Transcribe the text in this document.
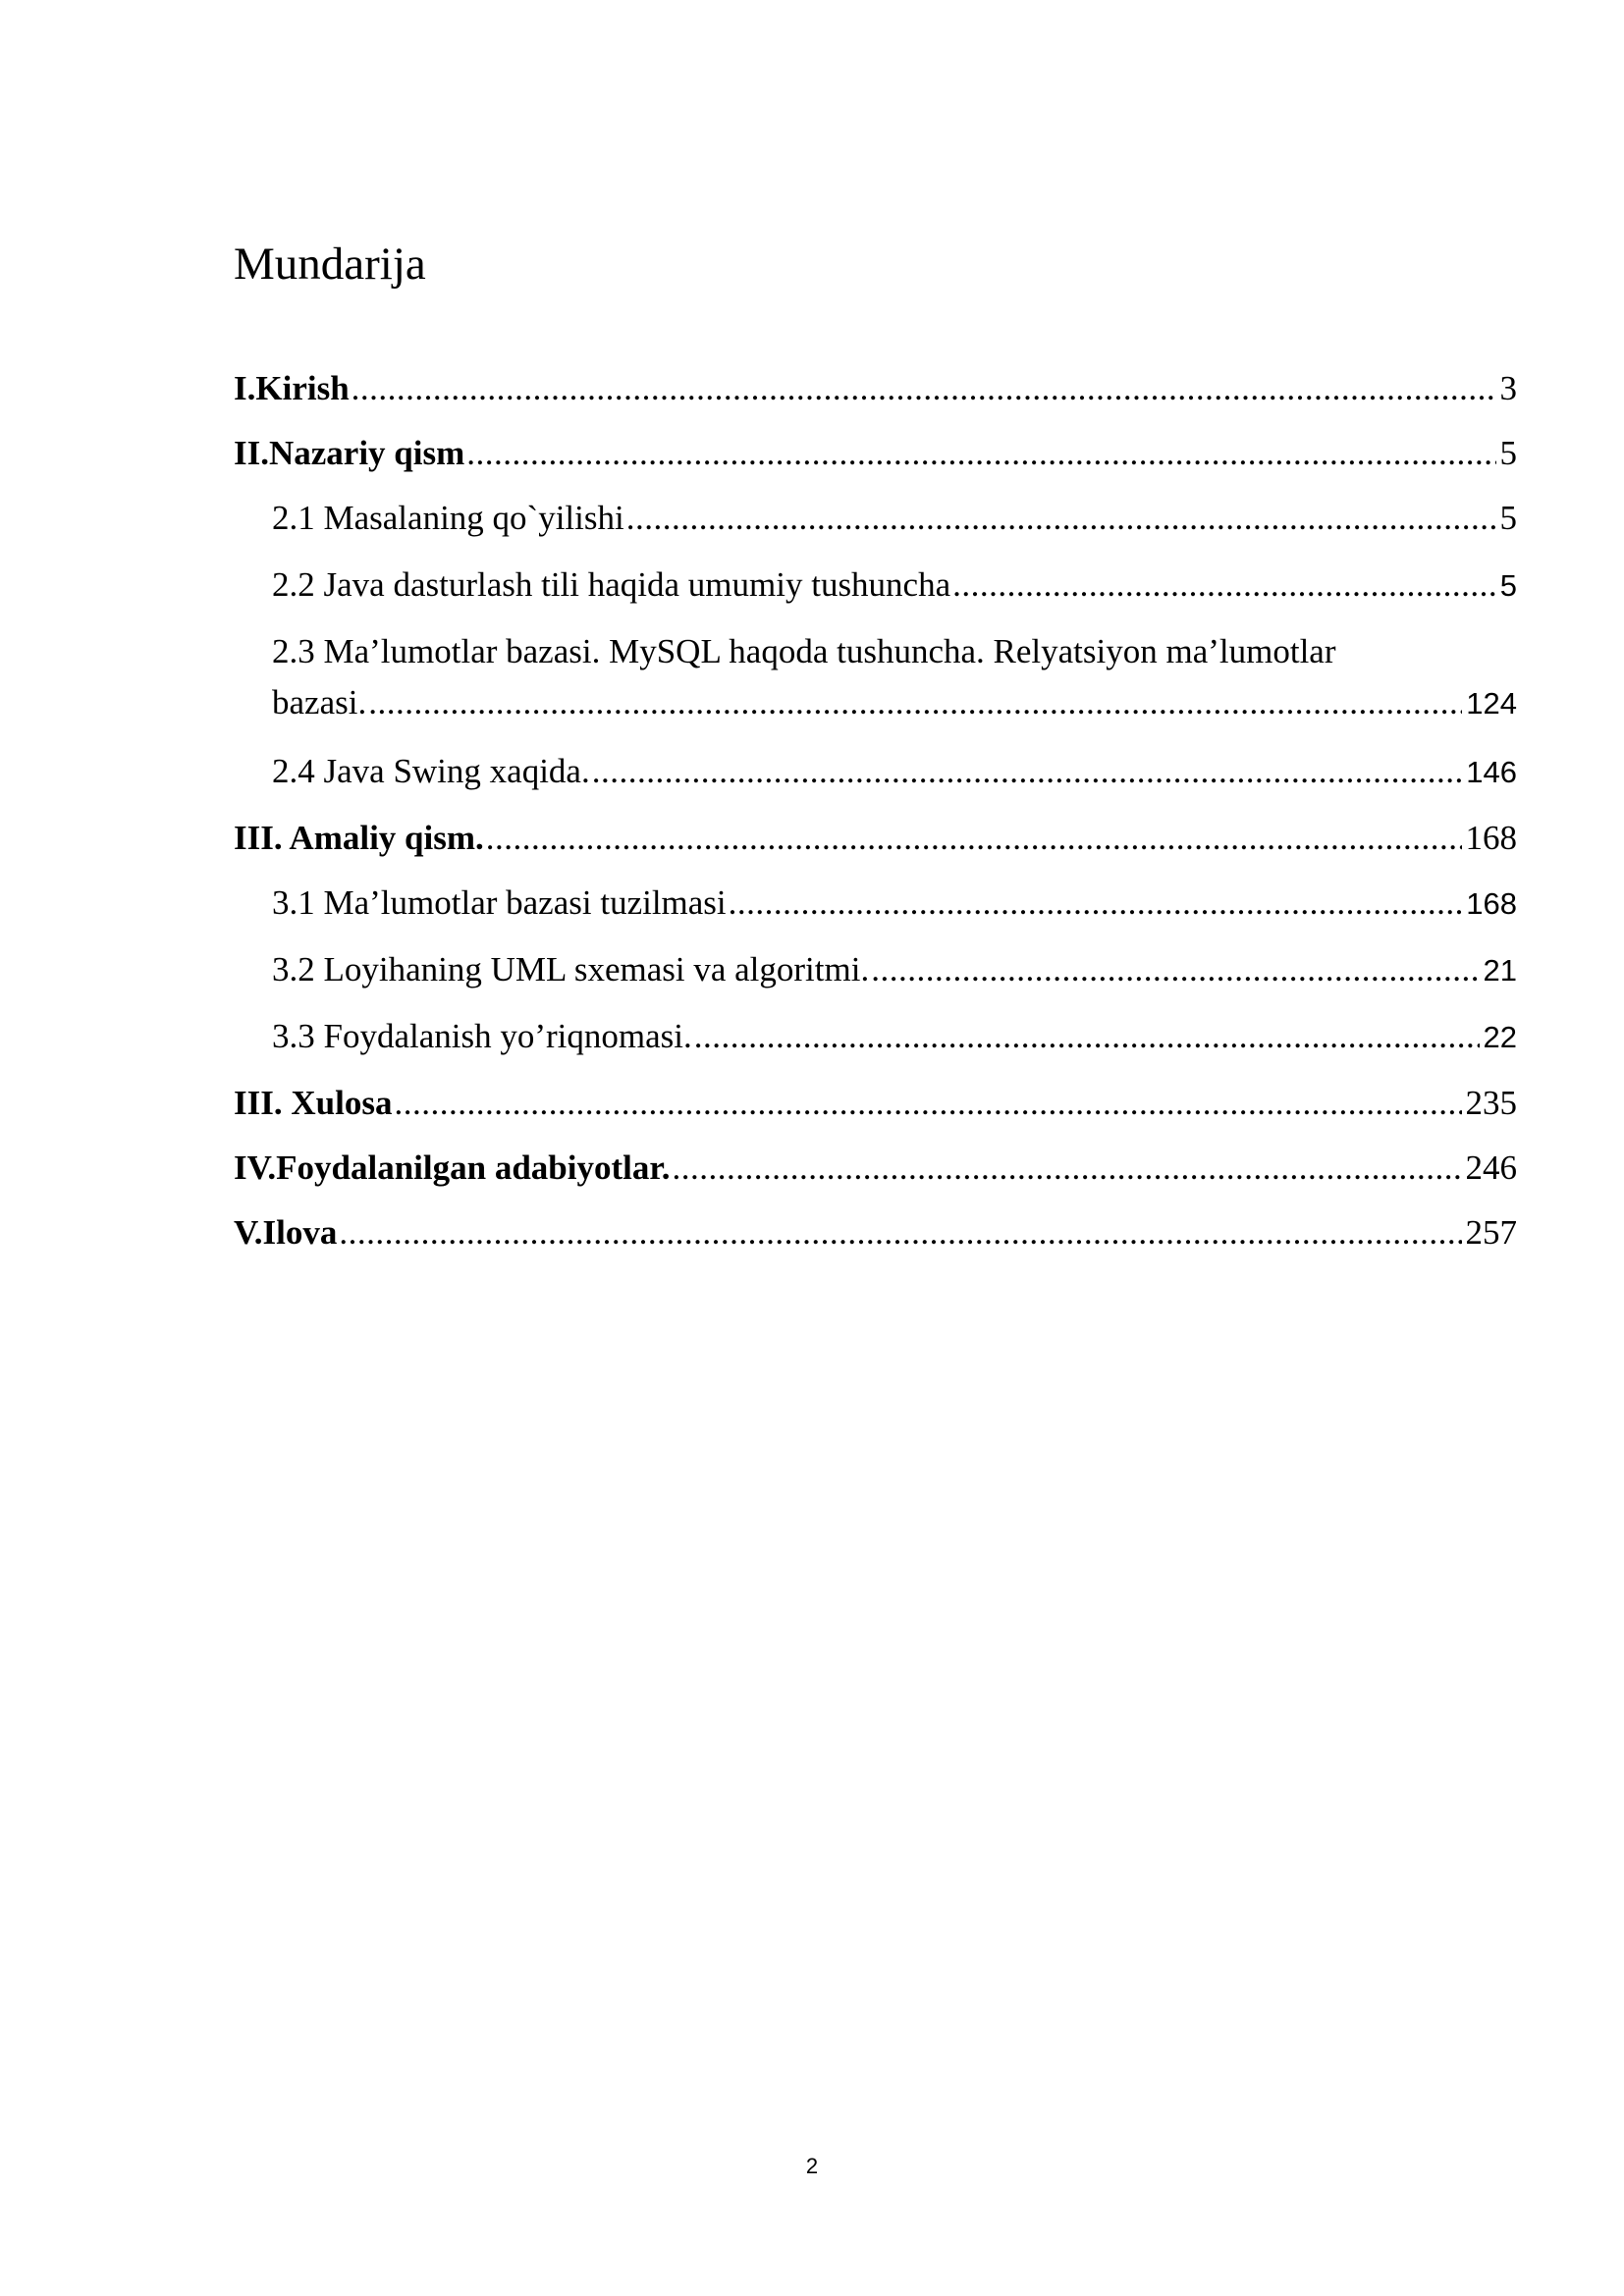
Mundarija
I.Kirish .....	3
II.Nazariy qism .....	5
2.1 Masalaning qo`yilishi .....	5
2.2 Java dasturlash tili haqida umumiy tushuncha .....	5
2.3 Ma’lumotlar bazasi. MySQL haqoda tushuncha. Relyatsiyon ma’lumotlar
bazasi. .....	124
2.4 Java Swing xaqida. .....	146
III. Amaliy qism. .....	168
3.1 Ma’lumotlar bazasi tuzilmasi .....	168
3.2 Loyihaning UML sxemasi va algoritmi. .....	21
3.3 Foydalanish yo’riqnomasi. .....	22
III. Xulosa .....	235
IV.Foydalanilgan adabiyotlar. .....	246
V.Ilova .....	257
2
